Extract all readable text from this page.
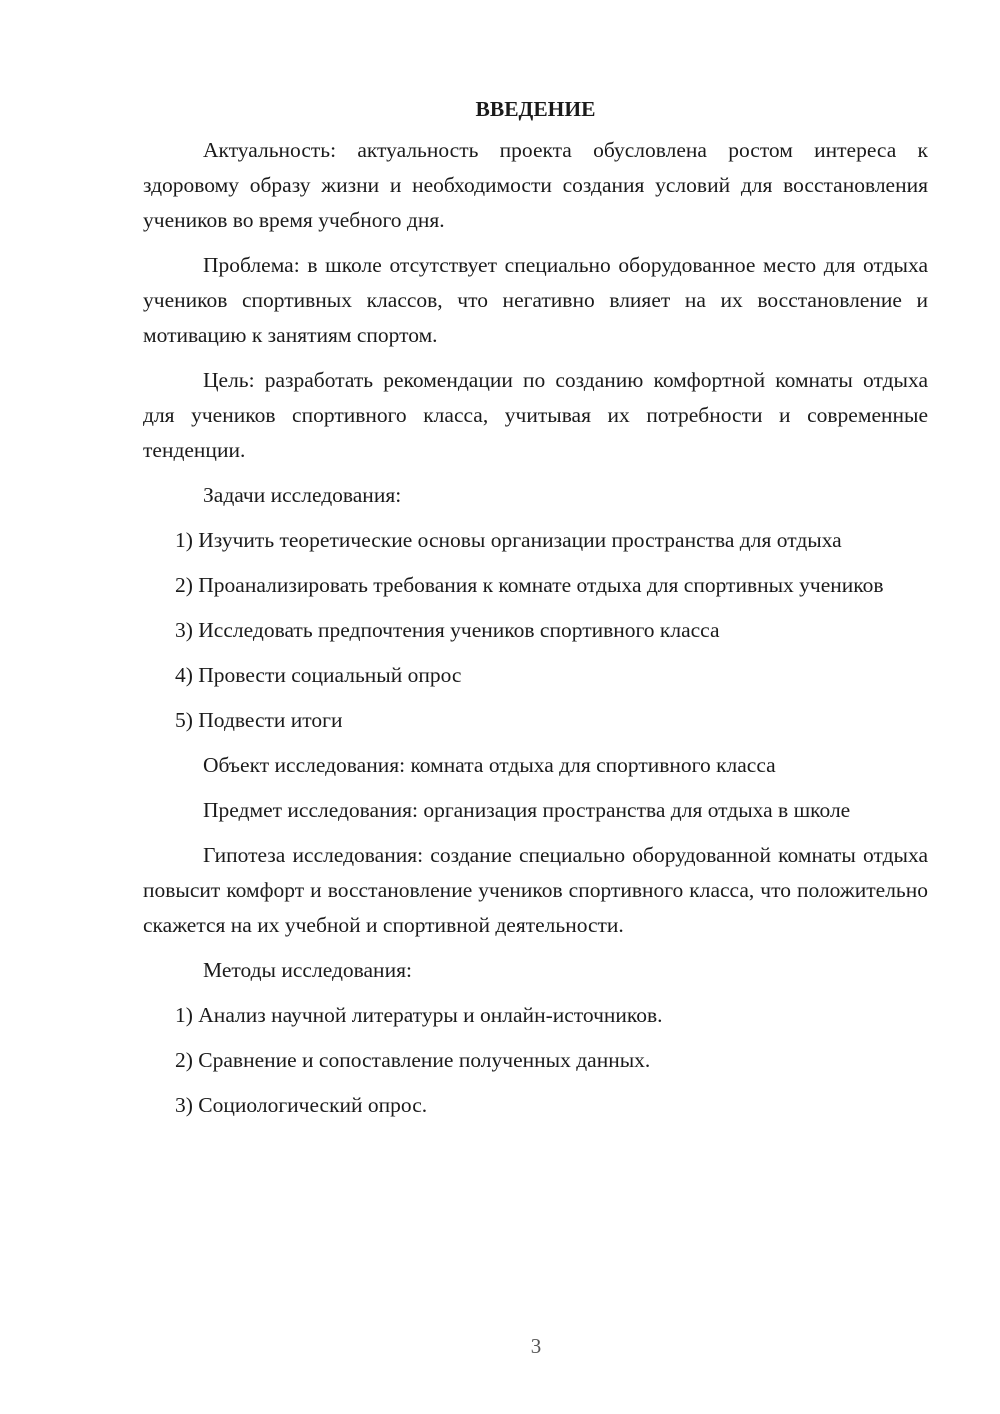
ВВЕДЕНИЕ

Актуальность: актуальность проекта обусловлена ростом интереса к здоровому образу жизни и необходимости создания условий для восстановления учеников во время учебного дня.

Проблема: в школе отсутствует специально оборудованное место для отдыха учеников спортивных классов, что негативно влияет на их восстановление и мотивацию к занятиям спортом.

Цель: разработать рекомендации по созданию комфортной комнаты отдыха для учеников спортивного класса, учитывая их потребности и современные тенденции.

Задачи исследования:

1) Изучить теоретические основы организации пространства для отдыха

2) Проанализировать требования к комнате отдыха для спортивных учеников

3) Исследовать предпочтения учеников спортивного класса

4) Провести социальный опрос

5) Подвести итоги

Объект исследования: комната отдыха для спортивного класса

Предмет исследования: организация пространства для отдыха в школе

Гипотеза исследования: создание специально оборудованной комнаты отдыха повысит комфорт и восстановление учеников спортивного класса, что положительно скажется на их учебной и спортивной деятельности.

Методы исследования:

1) Анализ научной литературы и онлайн-источников.

2) Сравнение и сопоставление полученных данных.

3) Социологический опрос.

3
